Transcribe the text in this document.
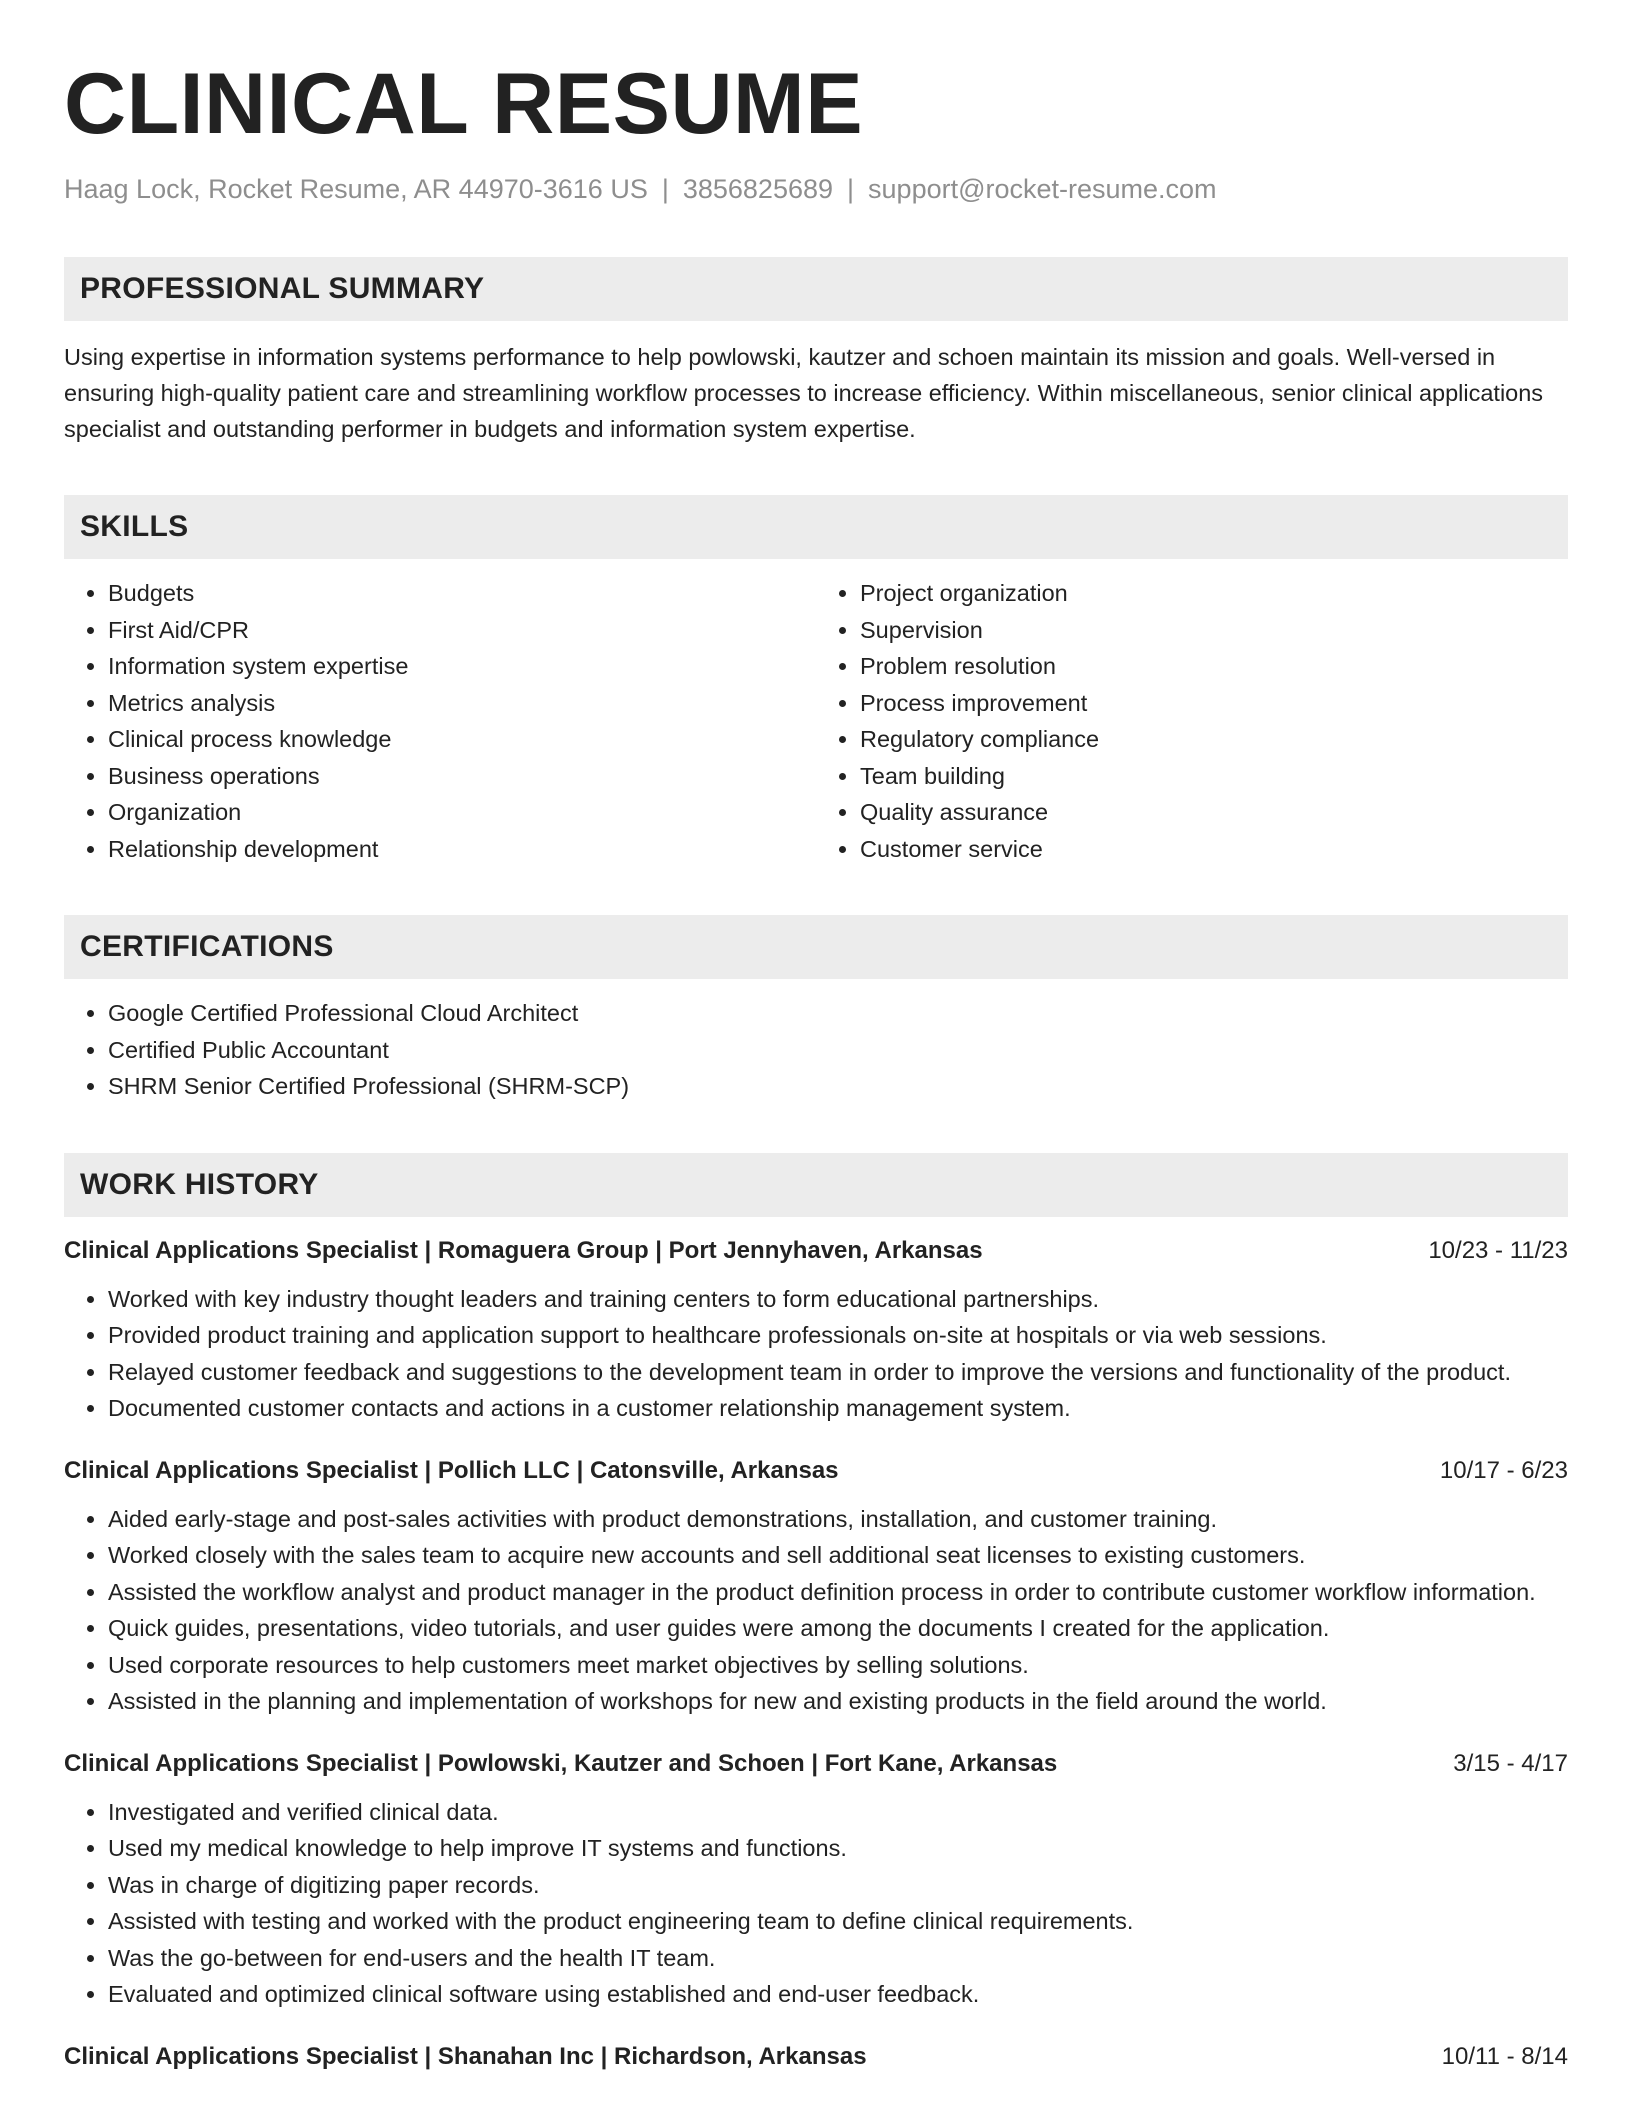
CLINICAL RESUME
Haag Lock, Rocket Resume, AR 44970-3616 US | 3856825689 | support@rocket-resume.com
PROFESSIONAL SUMMARY

Using expertise in information systems performance to help powlowski, kautzer and schoen maintain its mission and goals. Well-versed in ensuring high-quality patient care and streamlining workflow processes to increase efficiency. Within miscellaneous, senior clinical applications specialist and outstanding performer in budgets and information system expertise.

SKILLS
• Budgets
• First Aid/CPR
• Information system expertise
• Metrics analysis
• Clinical process knowledge
• Business operations
• Organization
• Relationship development
• Project organization
• Supervision
• Problem resolution
• Process improvement
• Regulatory compliance
• Team building
• Quality assurance
• Customer service
CERTIFICATIONS
• Google Certified Professional Cloud Architect
• Certified Public Accountant
• SHRM Senior Certified Professional (SHRM-SCP)
WORK HISTORY
Clinical Applications Specialist | Romaguera Group | Port Jennyhaven, Arkansas	10/23 - 11/23
• Worked with key industry thought leaders and training centers to form educational partnerships.
• Provided product training and application support to healthcare professionals on-site at hospitals or via web sessions.
• Relayed customer feedback and suggestions to the development team in order to improve the versions and functionality of the product.
• Documented customer contacts and actions in a customer relationship management system.
Clinical Applications Specialist | Pollich LLC | Catonsville, Arkansas	10/17 - 6/23
• Aided early-stage and post-sales activities with product demonstrations, installation, and customer training.
• Worked closely with the sales team to acquire new accounts and sell additional seat licenses to existing customers.
• Assisted the workflow analyst and product manager in the product definition process in order to contribute customer workflow information.
• Quick guides, presentations, video tutorials, and user guides were among the documents I created for the application.
• Used corporate resources to help customers meet market objectives by selling solutions.
• Assisted in the planning and implementation of workshops for new and existing products in the field around the world.
Clinical Applications Specialist | Powlowski, Kautzer and Schoen | Fort Kane, Arkansas	3/15 - 4/17
• Investigated and verified clinical data.
• Used my medical knowledge to help improve IT systems and functions.
• Was in charge of digitizing paper records.
• Assisted with testing and worked with the product engineering team to define clinical requirements.
• Was the go-between for end-users and the health IT team.
• Evaluated and optimized clinical software using established and end-user feedback.
Clinical Applications Specialist | Shanahan Inc | Richardson, Arkansas	10/11 - 8/14
